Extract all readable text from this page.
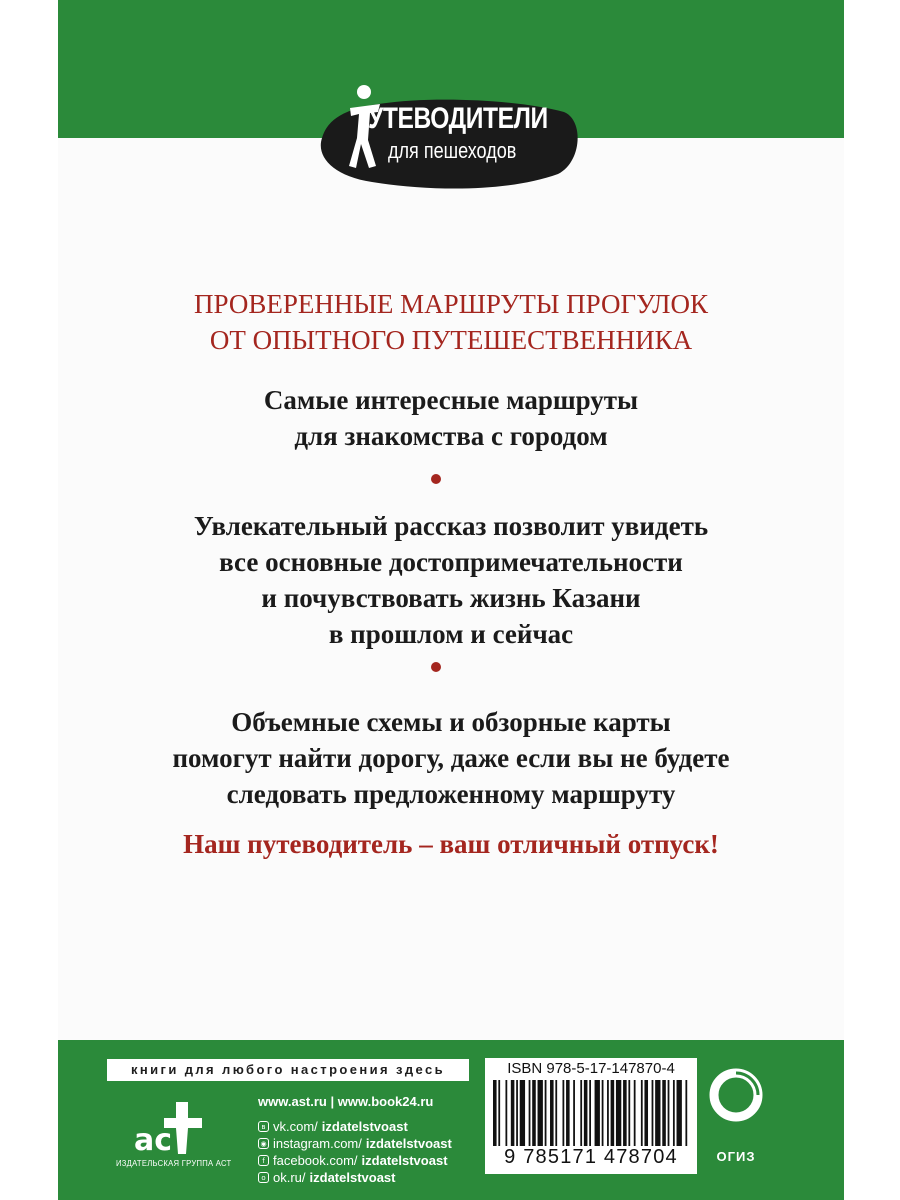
УТЕВОДИТЕЛИ
для пешеходов
ПРОВЕРЕННЫЕ МАРШРУТЫ ПРОГУЛОК
ОТ ОПЫТНОГО ПУТЕШЕСТВЕННИКА
Самые интересные маршруты
для знакомства с городом
Увлекательный рассказ позволит увидеть
все основные достопримечательности
и почувствовать жизнь Казани
в прошлом и сейчас
Объемные схемы и обзорные карты
помогут найти дорогу, даже если вы не будете
следовать предложенному маршруту
Наш путеводитель – ваш отличный отпуск!
книги для любого настроения здесь
ac
ИЗДАТЕЛЬСКАЯ ГРУППА АСТ
www.ast.ru | www.book24.ru
в vk.com/ izdatelstvoast
◉ instagram.com/ izdatelstvoast
f facebook.com/ izdatelstvoast
о ok.ru/ izdatelstvoast
ISBN 978-5-17-147870-4
9 785171 478704	ОГИЗ
